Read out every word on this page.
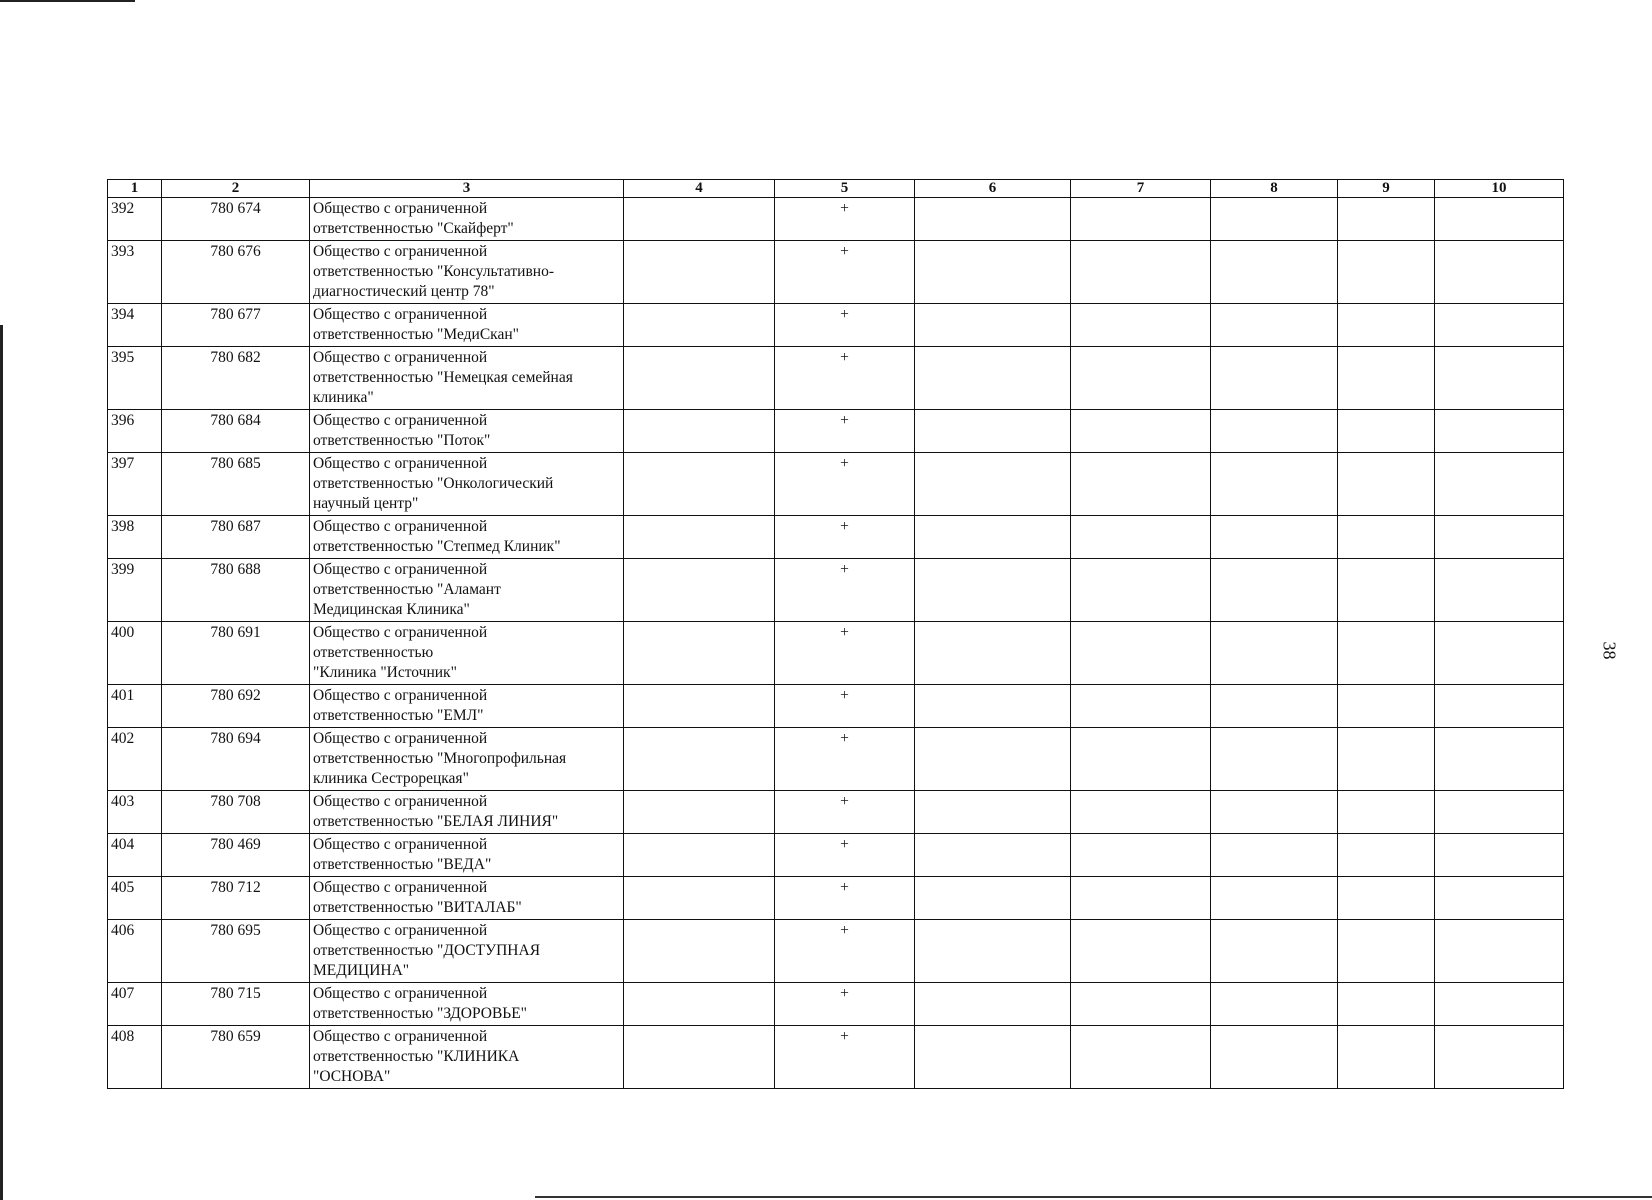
38
1	2	3	4	5	6	7	8	9	10
392	780 674	Общество с ограниченной
ответственностью "Скайферт"		+					
393	780 676	Общество с ограниченной
ответственностью "Консультативно-
диагностический центр 78"		+					
394	780 677	Общество с ограниченной
ответственностью "МедиСкан"		+					
395	780 682	Общество с ограниченной
ответственностью "Немецкая семейная
клиника"		+					
396	780 684	Общество с ограниченной
ответственностью "Поток"		+					
397	780 685	Общество с ограниченной
ответственностью "Онкологический
научный центр"		+					
398	780 687	Общество с ограниченной
ответственностью "Степмед Клиник"		+					
399	780 688	Общество с ограниченной
ответственностью "Аламант
Медицинская Клиника"		+					
400	780 691	Общество с ограниченной
ответственностью
"Клиника "Источник"		+					
401	780 692	Общество с ограниченной
ответственностью "ЕМЛ"		+					
402	780 694	Общество с ограниченной
ответственностью "Многопрофильная
клиника Сестрорецкая"		+					
403	780 708	Общество с ограниченной
ответственностью "БЕЛАЯ ЛИНИЯ"		+					
404	780 469	Общество с ограниченной
ответственностью "ВЕДА"		+					
405	780 712	Общество с ограниченной
ответственностью "ВИТАЛАБ"		+					
406	780 695	Общество с ограниченной
ответственностью "ДОСТУПНАЯ
МЕДИЦИНА"		+					
407	780 715	Общество с ограниченной
ответственностью "ЗДОРОВЬЕ"		+					
408	780 659	Общество с ограниченной
ответственностью "КЛИНИКА
"ОСНОВА"		+					
